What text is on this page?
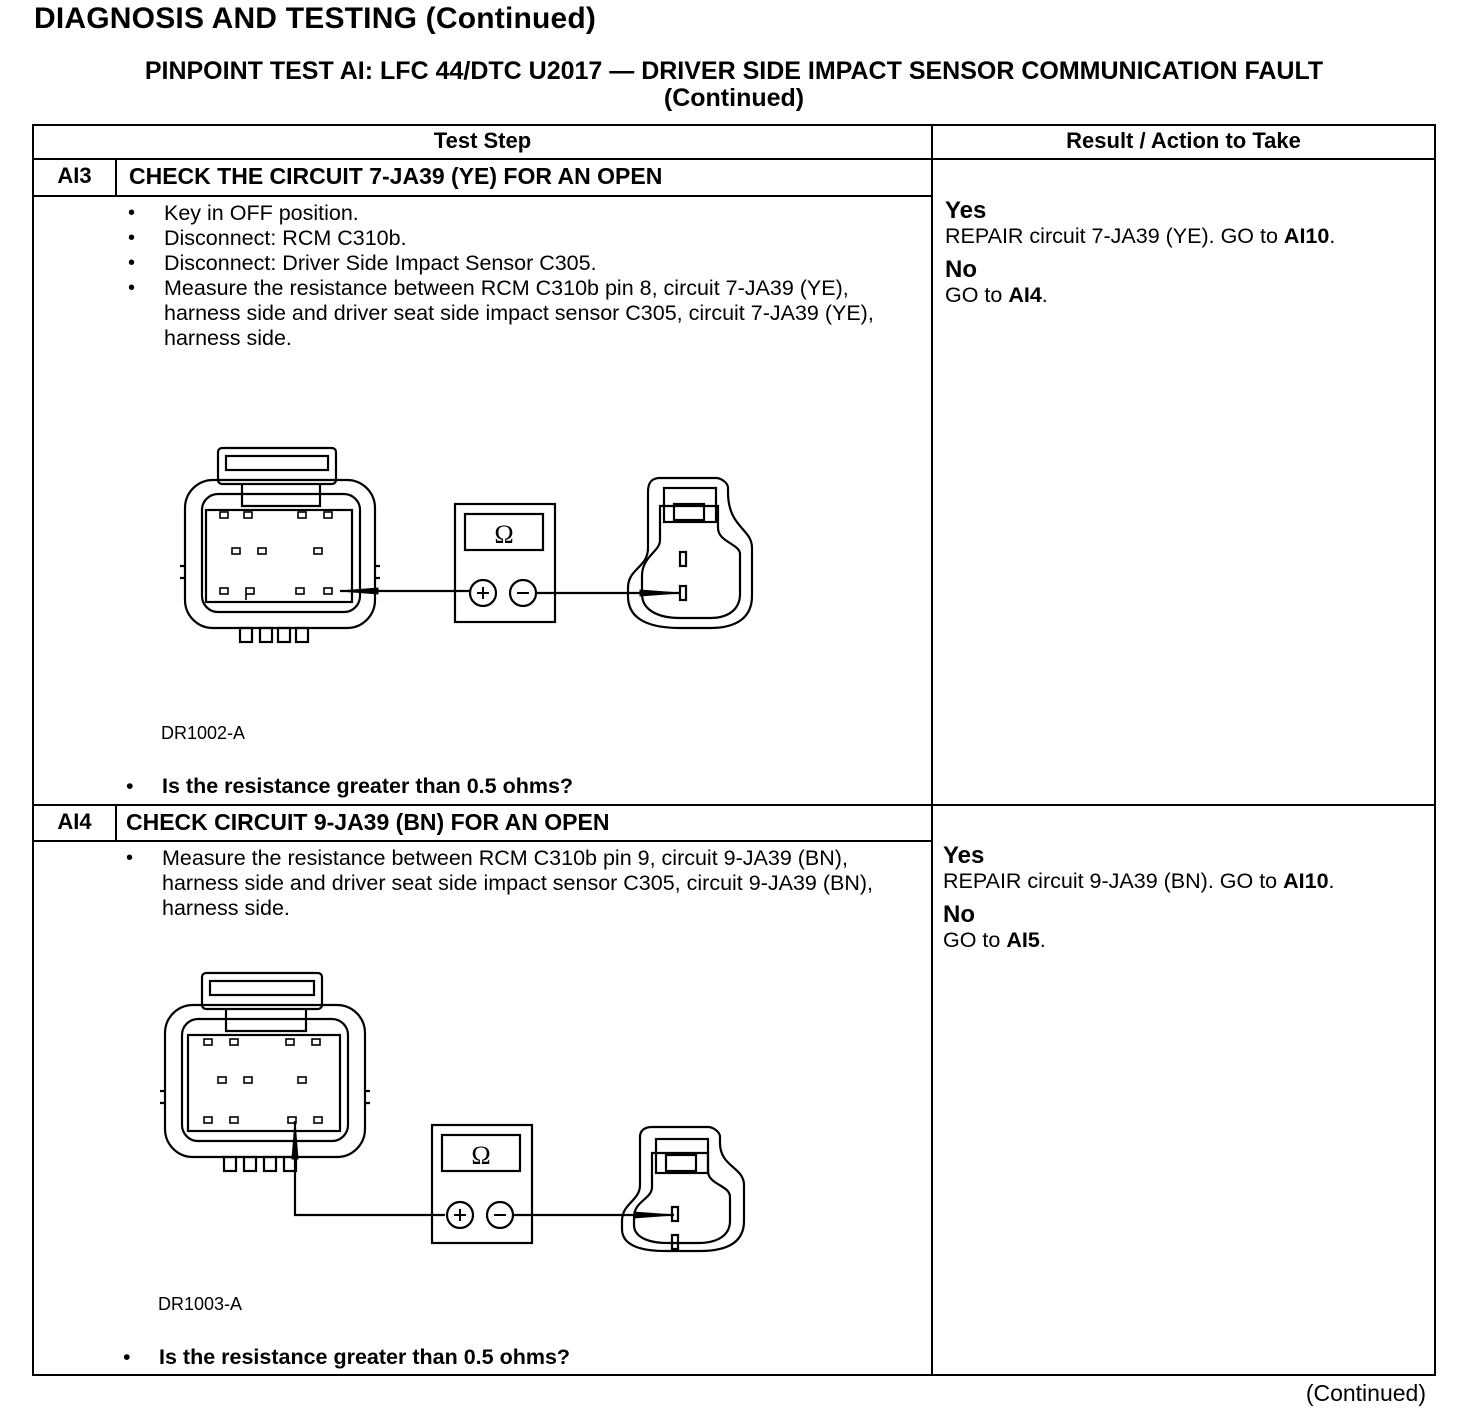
DIAGNOSIS AND TESTING (Continued)
PINPOINT TEST AI: LFC 44/DTC U2017 — DRIVER SIDE IMPACT SENSOR COMMUNICATION FAULT
(Continued)
Test Step	Result / Action to Take
AI3	CHECK THE CIRCUIT 7-JA39 (YE) FOR AN OPEN
• Key in OFF position.
• Disconnect: RCM C310b.
• Disconnect: Driver Side Impact Sensor C305.
• Measure the resistance between RCM C310b pin 8, circuit 7-JA39 (YE), harness side and driver seat side impact sensor C305, circuit 7-JA39 (YE), harness side.
Ω
DR1002-A
• Is the resistance greater than 0.5 ohms?
Yes
REPAIR circuit 7-JA39 (YE). GO to AI10.
No
GO to AI4.
AI4	CHECK CIRCUIT 9-JA39 (BN) FOR AN OPEN
• Measure the resistance between RCM C310b pin 9, circuit 9-JA39 (BN), harness side and driver seat side impact sensor C305, circuit 9-JA39 (BN), harness side.
Ω
DR1003-A
• Is the resistance greater than 0.5 ohms?
Yes
REPAIR circuit 9-JA39 (BN). GO to AI10.
No
GO to AI5.
(Continued)
